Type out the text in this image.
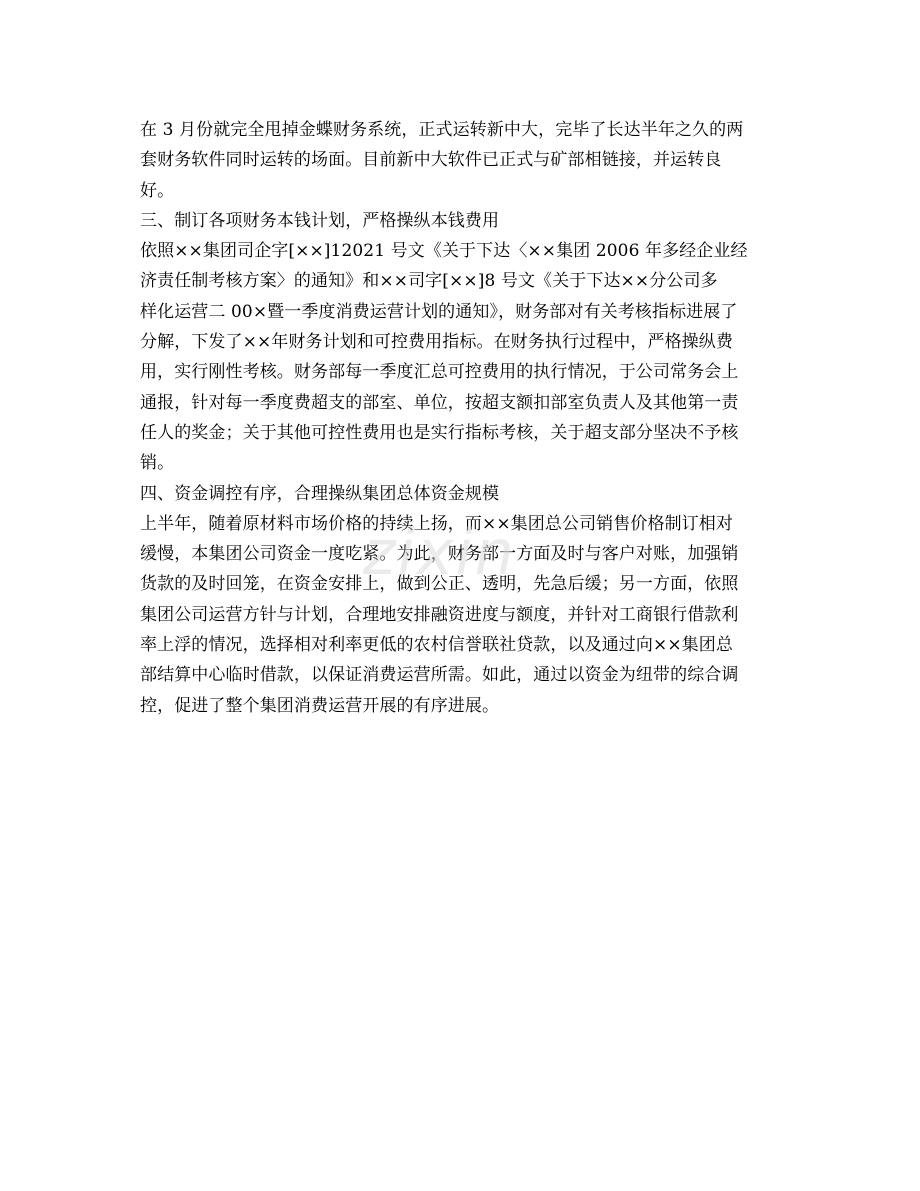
在 3 月份就完全甩掉金蝶财务系统，正式运转新中大，完毕了长达半年之久的两
套财务软件同时运转的场面。目前新中大软件已正式与矿部相链接，并运转良
好。
三、制订各项财务本钱计划，严格操纵本钱费用
依照××集团司企字[××]12021 号文《关于下达〈××集团 2006 年多经企业经
济责任制考核方案〉的通知》和××司字[××]8 号文《关于下达××分公司多
样化运营二 00×暨一季度消费运营计划的通知》，财务部对有关考核指标进展了
分解，下发了××年财务计划和可控费用指标。在财务执行过程中，严格操纵费
用，实行刚性考核。财务部每一季度汇总可控费用的执行情况，于公司常务会上
通报，针对每一季度费超支的部室、单位，按超支额扣部室负责人及其他第一责
任人的奖金；关于其他可控性费用也是实行指标考核，关于超支部分坚决不予核
销。
四、资金调控有序，合理操纵集团总体资金规模
上半年，随着原材料市场价格的持续上扬，而××集团总公司销售价格制订相对
缓慢，本集团公司资金一度吃紧。为此，财务部一方面及时与客户对账，加强销
货款的及时回笼，在资金安排上，做到公正、透明，先急后缓；另一方面，依照
集团公司运营方针与计划，合理地安排融资进度与额度，并针对工商银行借款利
率上浮的情况，选择相对利率更低的农村信誉联社贷款，以及通过向××集团总
部结算中心临时借款，以保证消费运营所需。如此，通过以资金为纽带的综合调
控，促进了整个集团消费运营开展的有序进展。
zixin
